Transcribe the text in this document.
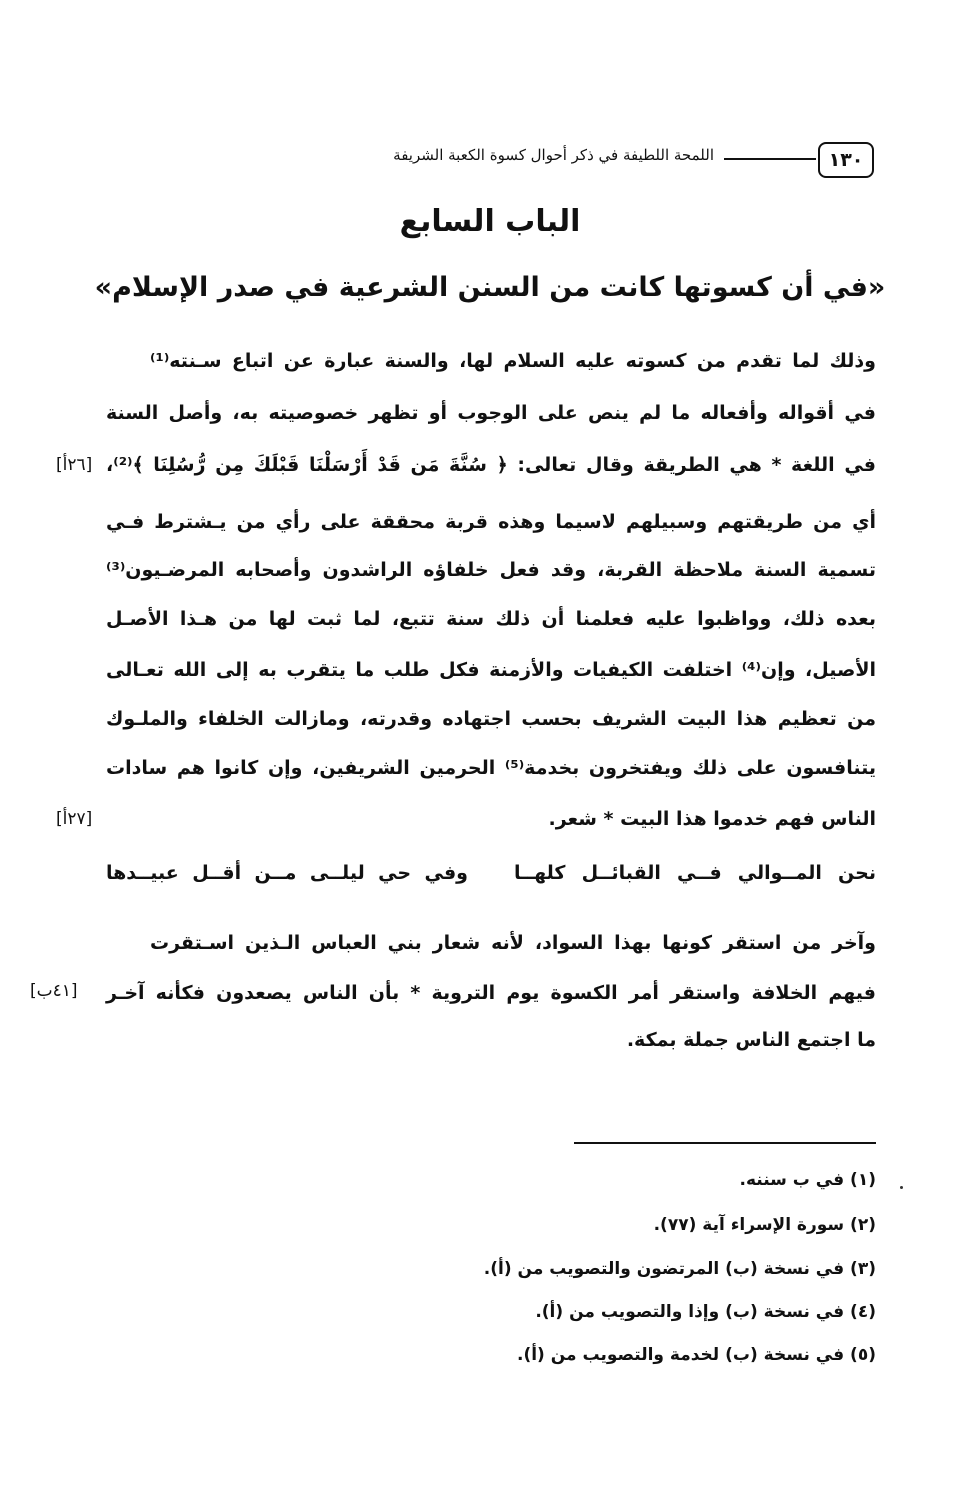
١٣٠
اللمحة اللطيفة في ذكر أحوال كسوة الكعبة الشريفة
الباب السابع
«في أن كسوتها كانت من السنن الشرعية في صدر الإسلام»
وذلك لما تقدم من كسوته عليه السلام لها، والسنة عبارة عن اتباع سـنته⁽¹⁾
في أقواله وأفعاله ما لم ينص على الوجوب أو تظهر خصوصيته به، وأصل السنة
في اللغة * هي الطريقة وقال تعالى: ﴿ سُنَّةَ مَن قَدْ أَرْسَلْنَا قَبْلَكَ مِن رُّسُلِنَا ﴾⁽²⁾،
[٢٦أ]
أي من طريقتهم وسبيلهم لاسيما وهذه قربة محققة على رأي من يـشترط فـي
تسمية السنة ملاحظة القربة، وقد فعل خلفاؤه الراشدون وأصحابه المرضـيون⁽³⁾
بعده ذلك، وواظبوا عليه فعلمنا أن ذلك سنة تتبع، لما ثبت لها من هـذا الأصـل
الأصيل، وإن⁽⁴⁾ اختلفت الكيفيات والأزمنة فكل طلب ما يتقرب به إلى الله تعـالى
من تعظيم هذا البيت الشريف بحسب اجتهاده وقدرته، ومازالت الخلفاء والملـوك
يتنافسون على ذلك ويفتخرون بخدمة⁽⁵⁾ الحرمين الشريفين، وإن كانوا هم سادات
الناس فهم خدموا هذا البيت * شعر.
[٢٧أ]
نحن المــوالي فــي القبائــل كلهــا
وفي حي ليلــى مــن أقــل عبيــدها
وآخر من استقر كونها بهذا السواد، لأنه شعار بني العباس الـذين اسـتقرت
فيهم الخلافة واستقر أمر الكسوة يوم التروية * بأن الناس يصعدون فكأنه آخـر
[٤١ب]
ما اجتمع الناس جملة بمكة.
(١) في ب سننه.
(٢) سورة الإسراء آية (٧٧).
(٣) في نسخة (ب) المرتضون والتصويب من (أ).
(٤) في نسخة (ب) وإذا والتصويب من (أ).
(٥) في نسخة (ب) لخدمة والتصويب من (أ).
